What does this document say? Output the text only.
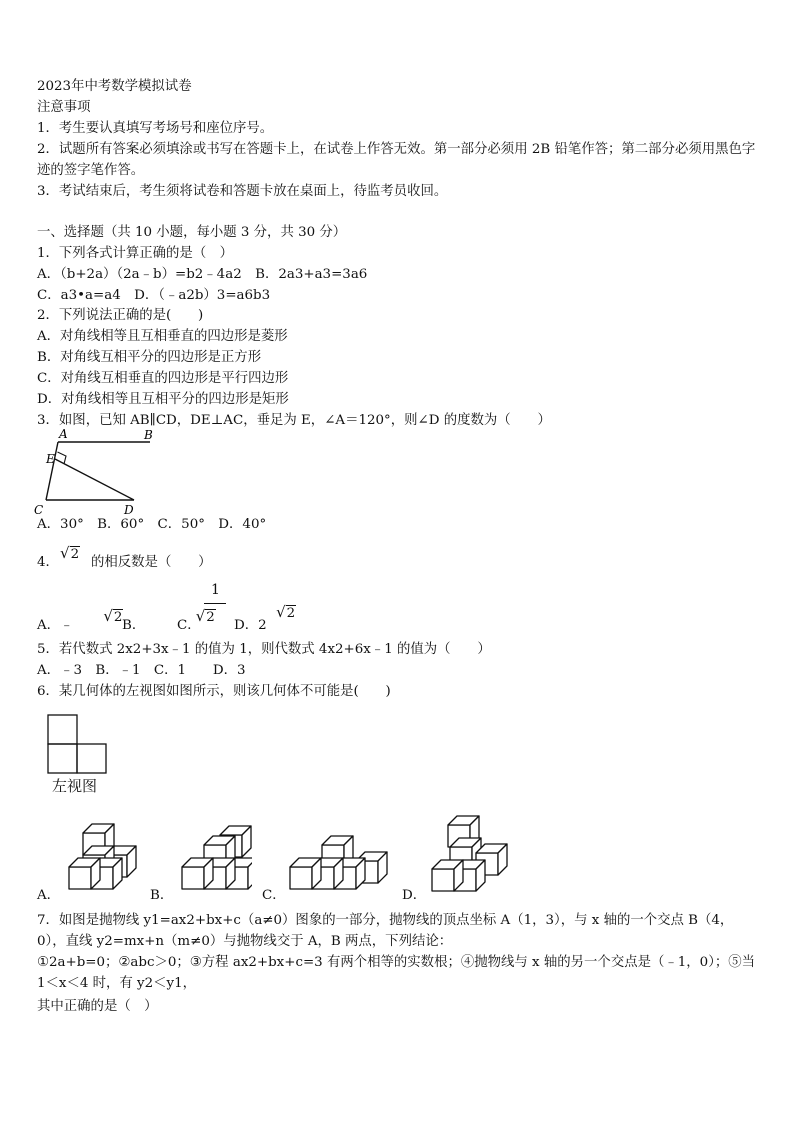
2023年中考数学模拟试卷
注意事项
1．考生要认真填写考场号和座位序号。
2．试题所有答案必须填涂或书写在答题卡上，在试卷上作答无效。第一部分必须用 2B 铅笔作答；第二部分必须用黑色字迹的签字笔作答。
3．考试结束后，考生须将试卷和答题卡放在桌面上，待监考员收回。
一、选择题（共 10 小题，每小题 3 分，共 30 分）
1．下列各式计算正确的是（　）
A．（b+2a）（2a﹣b）=b2﹣4a2　B．2a3+a3=3a6
C．a3•a=a4　D．（﹣a2b）3=a6b3
2．下列说法正确的是(　　)
A．对角线相等且互相垂直的四边形是菱形
B．对角线互相平分的四边形是正方形
C．对角线互相垂直的四边形是平行四边形
D．对角线相等且互相平分的四边形是矩形
3．如图，已知 AB∥CD，DE⊥AC，垂足为 E，∠A＝120°，则∠D 的度数为（　　）
A	B
E
C	D
A．30°　B．60°　C．50°　D．40°
4．
√2
的相反数是（　　）
A．﹣
√2
B．
√2
C．
1
√2
D．2
5．若代数式 2x2+3x﹣1 的值为 1，则代数式 4x2+6x﹣1 的值为（　　）
A．﹣3　B．﹣1　C．1　　D．3
6．某几何体的左视图如图所示，则该几何体不可能是(　　)
左视图
A．	B．	C．	D．
7．如图是抛物线 y1=ax2+bx+c（a≠0）图象的一部分，抛物线的顶点坐标 A（1，3），与 x 轴的一个交点 B（4，0），直线 y2=mx+n（m≠0）与抛物线交于 A，B 两点，下列结论：
①2a+b=0；②abc＞0；③方程 ax2+bx+c=3 有两个相等的实数根；④抛物线与 x 轴的另一个交点是（﹣1，0）；⑤当 1＜x＜4 时，有 y2＜y1，
其中正确的是（　）
